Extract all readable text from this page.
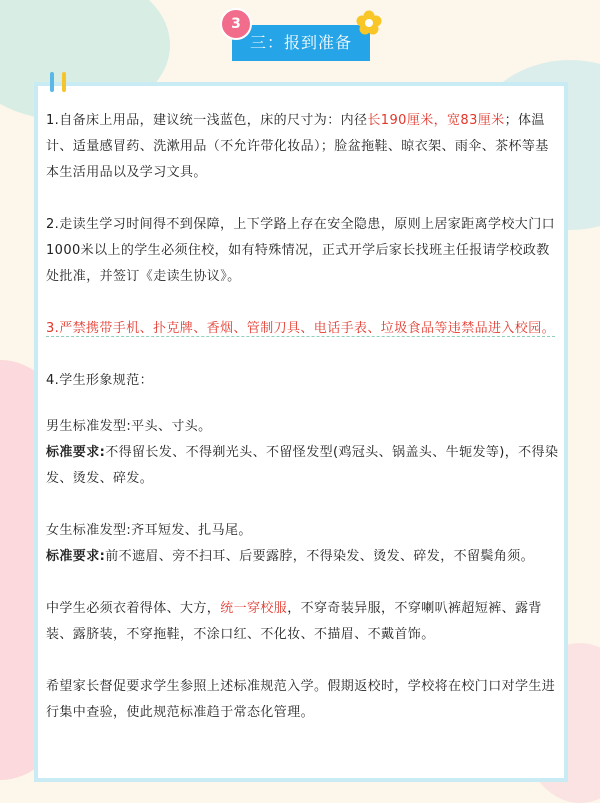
三：报到准备
3

1.自备床上用品，建议统一浅蓝色，床的尺寸为：内径长190厘米，宽83厘米；体温计、适量感冒药、洗漱用品（不允许带化妆品）；脸盆拖鞋、晾衣架、雨伞、茶杯等基本生活用品以及学习文具。

2.走读生学习时间得不到保障，上下学路上存在安全隐患，原则上居家距离学校大门口1000米以上的学生必须住校，如有特殊情况，正式开学后家长找班主任报请学校政教处批准，并签订《走读生协议》。

3.严禁携带手机、扑克牌、香烟、管制刀具、电话手表、垃圾食品等违禁品进入校园。

4.学生形象规范：

男生标准发型:平头、寸头。

标准要求:不得留长发、不得剃光头、不留怪发型(鸡冠头、锅盖头、牛轭发等)，不得染发、烫发、碎发。

女生标准发型:齐耳短发、扎马尾。

标准要求:前不遮眉、旁不扫耳、后要露脖，不得染发、烫发、碎发，不留鬓角须。

中学生必须衣着得体、大方，统一穿校服，不穿奇装异服，不穿喇叭裤超短裤、露背装、露脐装，不穿拖鞋，不涂口红、不化妆、不描眉、不戴首饰。

希望家长督促要求学生参照上述标准规范入学。假期返校时，学校将在校门口对学生进行集中查验，使此规范标准趋于常态化管理。
